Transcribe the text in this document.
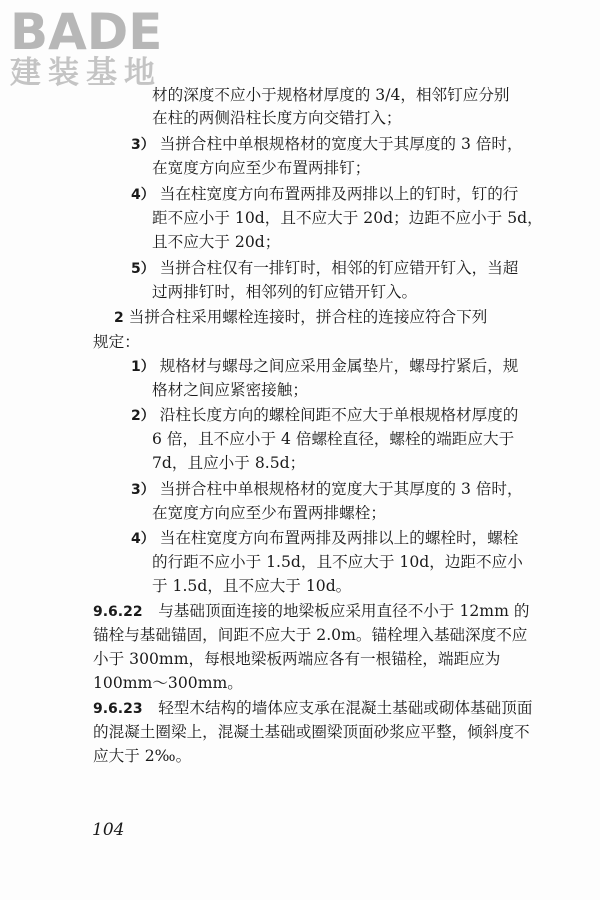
BADE
建装基地
材的深度不应小于规格材厚度的 3/4，相邻钉应分别
在柱的两侧沿柱长度方向交错打入；
3） 当拼合柱中单根规格材的宽度大于其厚度的 3 倍时，
在宽度方向应至少布置两排钉；
4） 当在柱宽度方向布置两排及两排以上的钉时，钉的行
距不应小于 10d，且不应大于 20d；边距不应小于 5d，
且不应大于 20d；
5） 当拼合柱仅有一排钉时，相邻的钉应错开钉入，当超
过两排钉时，相邻列的钉应错开钉入。
2 当拼合柱采用螺栓连接时，拼合柱的连接应符合下列
规定：
1） 规格材与螺母之间应采用金属垫片，螺母拧紧后，规
格材之间应紧密接触；
2） 沿柱长度方向的螺栓间距不应大于单根规格材厚度的
6 倍，且不应小于 4 倍螺栓直径，螺栓的端距应大于
7d，且应小于 8.5d；
3） 当拼合柱中单根规格材的宽度大于其厚度的 3 倍时，
在宽度方向应至少布置两排螺栓；
4） 当在柱宽度方向布置两排及两排以上的螺栓时，螺栓
的行距不应小于 1.5d，且不应大于 10d，边距不应小
于 1.5d，且不应大于 10d。
9.6.22  与基础顶面连接的地梁板应采用直径不小于 12mm 的
锚栓与基础锚固，间距不应大于 2.0m。锚栓埋入基础深度不应
小于 300mm，每根地梁板两端应各有一根锚栓，端距应为
100mm～300mm。
9.6.23  轻型木结构的墙体应支承在混凝土基础或砌体基础顶面
的混凝土圈梁上，混凝土基础或圈梁顶面砂浆应平整，倾斜度不
应大于 2‰。
104
